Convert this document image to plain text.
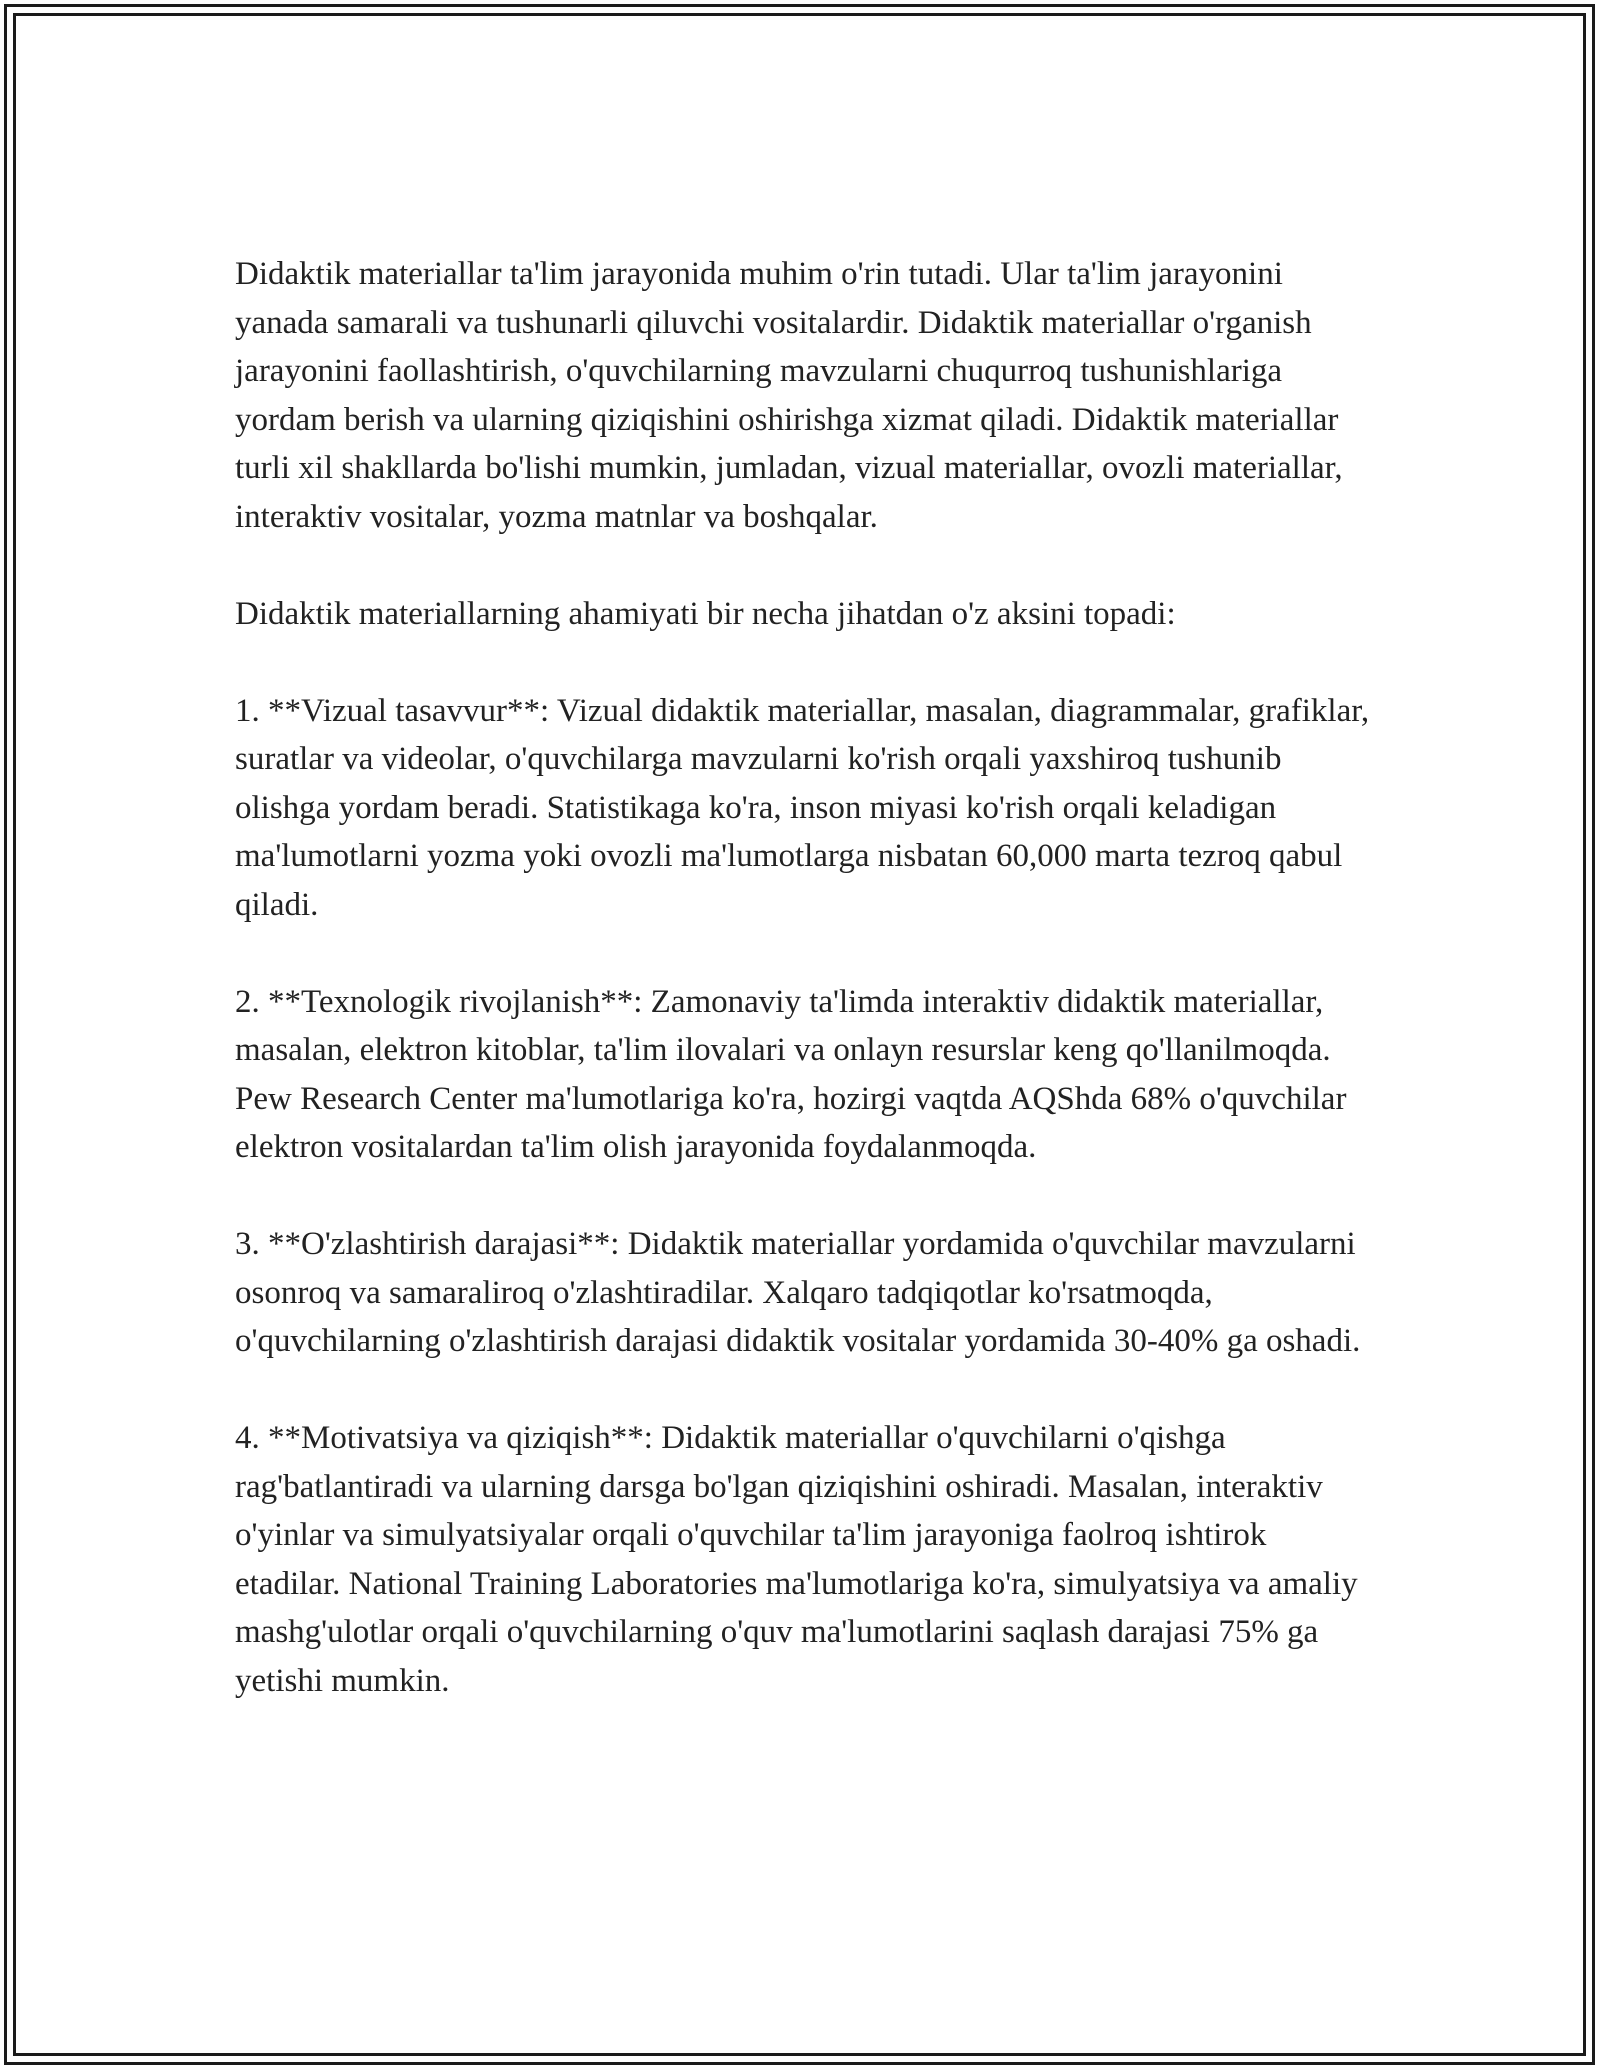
Didaktik materiallar ta'lim jarayonida muhim o'rin tutadi. Ular ta'lim jarayonini yanada samarali va tushunarli qiluvchi vositalardir. Didaktik materiallar o'rganish jarayonini faollashtirish, o'quvchilarning mavzularni chuqurroq tushunishlariga yordam berish va ularning qiziqishini oshirishga xizmat qiladi. Didaktik materiallar turli xil shakllarda bo'lishi mumkin, jumladan, vizual materiallar, ovozli materiallar, interaktiv vositalar, yozma matnlar va boshqalar.

Didaktik materiallarning ahamiyati bir necha jihatdan o'z aksini topadi:

1. **Vizual tasavvur**: Vizual didaktik materiallar, masalan, diagrammalar, grafiklar, suratlar va videolar, o'quvchilarga mavzularni ko'rish orqali yaxshiroq tushunib olishga yordam beradi. Statistikaga ko'ra, inson miyasi ko'rish orqali keladigan ma'lumotlarni yozma yoki ovozli ma'lumotlarga nisbatan 60,000 marta tezroq qabul qiladi.

2. **Texnologik rivojlanish**: Zamonaviy ta'limda interaktiv didaktik materiallar, masalan, elektron kitoblar, ta'lim ilovalari va onlayn resurslar keng qo'llanilmoqda. Pew Research Center ma'lumotlariga ko'ra, hozirgi vaqtda AQShda 68% o'quvchilar elektron vositalardan ta'lim olish jarayonida foydalanmoqda.

3. **O'zlashtirish darajasi**: Didaktik materiallar yordamida o'quvchilar mavzularni osonroq va samaraliroq o'zlashtiradilar. Xalqaro tadqiqotlar ko'rsatmoqda, o'quvchilarning o'zlashtirish darajasi didaktik vositalar yordamida 30-40% ga oshadi.

4. **Motivatsiya va qiziqish**: Didaktik materiallar o'quvchilarni o'qishga rag'batlantiradi va ularning darsga bo'lgan qiziqishini oshiradi. Masalan, interaktiv o'yinlar va simulyatsiyalar orqali o'quvchilar ta'lim jarayoniga faolroq ishtirok etadilar. National Training Laboratories ma'lumotlariga ko'ra, simulyatsiya va amaliy mashg'ulotlar orqali o'quvchilarning o'quv ma'lumotlarini saqlash darajasi 75% ga yetishi mumkin.
